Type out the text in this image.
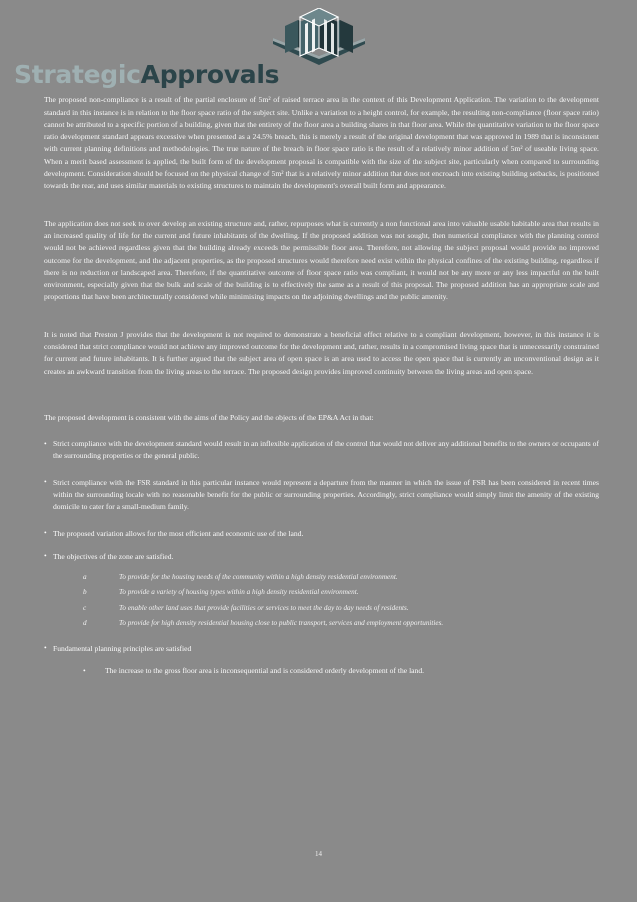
StrategicApprovals

The proposed non-compliance is a result of the partial enclosure of 5m² of raised terrace area in the context of this Development Application. The variation to the development standard in this instance is in relation to the floor space ratio of the subject site. Unlike a variation to a height control, for example, the resulting non-compliance (floor space ratio) cannot be attributed to a specific portion of a building, given that the entirety of the floor area a building shares in that floor area. While the quantitative variation to the floor space ratio development standard appears excessive when presented as a 24.5% breach, this is merely a result of the original development that was approved in 1989 that is inconsistent with current planning definitions and methodologies. The true nature of the breach in floor space ratio is the result of a relatively minor addition of 5m² of useable living space. When a merit based assessment is applied, the built form of the development proposal is compatible with the size of the subject site, particularly when compared to surrounding development. Consideration should be focused on the physical change of 5m² that is a relatively minor addition that does not encroach into existing building setbacks, is positioned towards the rear, and uses similar materials to existing structures to maintain the development's overall built form and appearance.

The application does not seek to over develop an existing structure and, rather, repurposes what is currently a non functional area into valuable usable habitable area that results in an increased quality of life for the current and future inhabitants of the dwelling. If the proposed addition was not sought, then numerical compliance with the planning control would not be achieved regardless given that the building already exceeds the permissible floor area. Therefore, not allowing the subject proposal would provide no improved outcome for the development, and the adjacent properties, as the proposed structures would therefore need exist within the physical confines of the existing building, regardless if there is no reduction or landscaped area. Therefore, if the quantitative outcome of floor space ratio was compliant, it would not be any more or any less impactful on the built environment, especially given that the bulk and scale of the building is to effectively the same as a result of this proposal. The proposed addition has an appropriate scale and proportions that have been architecturally considered while minimising impacts on the adjoining dwellings and the public amenity.

It is noted that Preston J provides that the development is not required to demonstrate a beneficial effect relative to a compliant development, however, in this instance it is considered that strict compliance would not achieve any improved outcome for the development and, rather, results in a compromised living space that is unnecessarily constrained for current and future inhabitants. It is further argued that the subject area of open space is an area used to access the open space that is currently an unconventional design as it creates an awkward transition from the living areas to the terrace. The proposed design provides improved continuity between the living areas and open space.

The proposed development is consistent with the aims of the Policy and the objects of the EP&A Act in that:

• Strict compliance with the development standard would result in an inflexible application of the control that would not deliver any additional benefits to the owners or occupants of the surrounding properties or the general public.
• Strict compliance with the FSR standard in this particular instance would represent a departure from the manner in which the issue of FSR has been considered in recent times within the surrounding locale with no reasonable benefit for the public or surrounding properties. Accordingly, strict compliance would simply limit the amenity of the existing domicile to cater for a small-medium family.
• The proposed variation allows for the most efficient and economic use of the land.
• The objectives of the zone are satisfied.
a	To provide for the housing needs of the community within a high density residential environment.
b	To provide a variety of housing types within a high density residential environment.
c	To enable other land uses that provide facilities or services to meet the day to day needs of residents.
d	To provide for high density residential housing close to public transport, services and employment opportunities.
• Fundamental planning principles are satisfied
• The increase to the gross floor area is inconsequential and is considered orderly development of the land.
14
